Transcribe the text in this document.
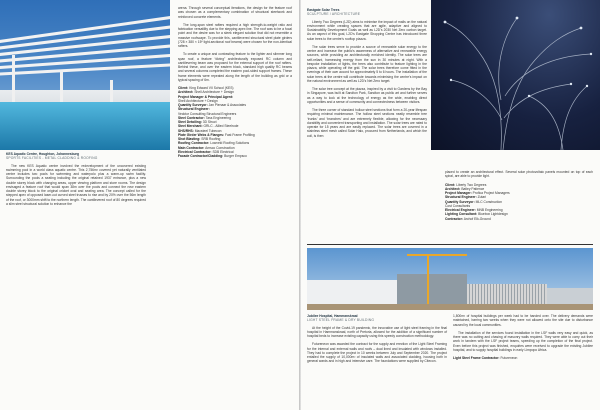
KES Aquatic Centre, Houghton, Johannesburg
SPORTS FACILITIES - METAL CLADDING & ROOFING

The new KES Aquatic centre involved the redevelopment of the uncovered existing swimming pool in a world class aquatic centre. This 2,756m² covered yet naturally ventilated centre includes two pools for swimming and waterpolo plus a warm-up swim facility. Surrounding the pools a seating including the original retained 1937 entrance, plus a new double storey block with changing areas, upper viewing platform and store rooms. The design envisaged a feature roof that would span 38m over the pools and connect the new eastern double storey block to the original cricket oval and seating area. The concept called for the stepped apex of opposed laser-cut curved steel trusses to rise and by 20% over the 56m length of the roof, or 3000mm shift to the northern length. The cantilevered roof of 80 degrees required a slim steel structural solution to enhance the

arena. Through several conceptual iterations, the design for the feature roof was chosen as a complementary combination of structural steelwork and reinforced concrete elements.

The long-span steel rafters required a high strength-to-weight ratio and fabrication versatility due to the stepping apex line. The roof was to be a focal point and the desire was for a sleek elegant solution that did not resemble a massive roofscape. To provide this, cantilevered structural steel plate girders (728 × 380 × 15* light-sectional roof beams) were chosen for the non-identical rafters.

To create a unique and contrasting feature to the lighter and slimmer long span roof, a feature “diving” architecturally exposed RC column and cantilevering beam was proposed for the external support of the roof rafters. Behind these, and over the eastern block, standard high quality RC beams and several columns completed the eastern pool-sided support frames. These frame elements were repeated along the length of the building as grid or a typical spacing of 6m.

Client: King Edward VII School (KES)
Architect: Shell Architecture + Design
Project Manager & Principal Agent:
Shell Architecture + Design
Quantity Surveyor: Jan Pienaar & Associates
Structural Engineer:
Vecktor Consulting Structural Engineers
Steel Contractor: Tass Engineering
Steel Detailing: 3D Struct
Steel Merchant: GRLC - Allied Steelrode
SHS/RHS: Macsteel Tubecon
Plate Girder Webs & Flanges: Fast Frame Profiling
Shot Blasting: SRB Roofing
Roofing Contractor: Lowveld Roofing Solutions
Main Contractor: Amsco Construction
Electrical Contractor: SDB Electrical
Facade Contractor/Cladding: Burger Empsco
Eastgate Solar Trees
SCULPTURE / ARCHITECTURE

Liberty Two Degrees (L2D) aims to minimise the impact of malls on the natural environment while creating spaces that are agile, adaptive and aligned to Sustainability Development Goals as well as L2D’s 2030 Net Zero carbon target. As an aspect of this goal, L2D’s Eastgate Shopping Centre has introduced three solar trees to the centre’s rooftop piazza.

The solar trees serve to provide a source of renewable solar energy to the centre and increase the public’s awareness of alternative and renewable energy sources, while providing an architecturally enriched identity. The solar trees are self-reliant, harnessing energy from the sun in 30 minutes at night. With a bespoke installation of lights, the trees also contribute to feature lighting in the piazza, while operating off the grid. The solar trees therefore come fitted in the evenings of their own accord for approximately 5 to 6 hours. The installation of the solar trees at the centre will contribute towards minimising the centre’s impact on the natural environment as well as L2D’s Net Zero target.

The solar tree concept at the piazza, inspired by a visit to Gardens by the Bay in Singapore, was built at Sandton Park, Sandton as public art and further serves as a way to look at the technology of energy as the wide, enabling direct opportunities and a sense of community and connectedness between visitors.

The three corner of standard hollow steel sections that form a 20-year lifespan requiring minimal maintenance. The hollow steel sections neatly resemble tree ‘trunks’ and ‘branches’ and are extremely flexible, allowing for the necessary durability and convenient transporting and installation. The solar trees are rated to operate for 15 years and are easily replaced. The solar trees are covered in a stainless steel mesh called Solar Halo, procured from Netherlands, and which the coil, is then

placed to create an architectural effect. Several solar photovoltaic panels mounted on top of each spiral, are able to provide light.

Client: Liberty Two Degrees
Architect: Batley Patience
Project Manager: Profica Project Managers
Structural Engineer: Zutari
Quantity Surveyor: MLC Construction
Cost Consultants
Electrical Engineer: MNB Engineering
Lighting Consultant: Bluebox Lightdesign
Contractor: Archof Elk-Ground
Jubilee Hospital, Hammanskraal
LIGHT STEEL FRAME & DRY BUILDING

At the height of the Covid-19 pandemic, the innovative use of light steel framing in the final hospital in Hammanskraal, north of Pretoria, allowed for the addition of a significant number of hospital beds to increase existing capacity using this speedy construction methodology.

Futureneon was awarded the contract for the supply and erection of the Light Steel Framing for the internal and external walls and roofs – dual lined and insulated with windows installed. They had to complete the project in 10 weeks between July and September 2020. The project entailed the supply of 10,000m² of insulated walls and associated cladding, housing both in general wards and in high and intensive care. The foundations were supplied by Citecon.

1,800m² of hospital buildings per week had to be handed over. The delivery demands were maintained, barring two weeks when they were not allowed onto the site due to disturbance caused by the local communities.

The installation of the services found installation in the LSF walls very easy and quick, as there was no cutting and chasing of masonry walls required. They were able to carry out their work in tandem with the LSF project teams, speeding up the completion of the final project. Even before this project was finished, enquiries were received to upgrade the existing Jubilee hospital, and to supply hospital buildings in early Limpopo Africa.

Light Steel Frame Contractor: Futureneon
